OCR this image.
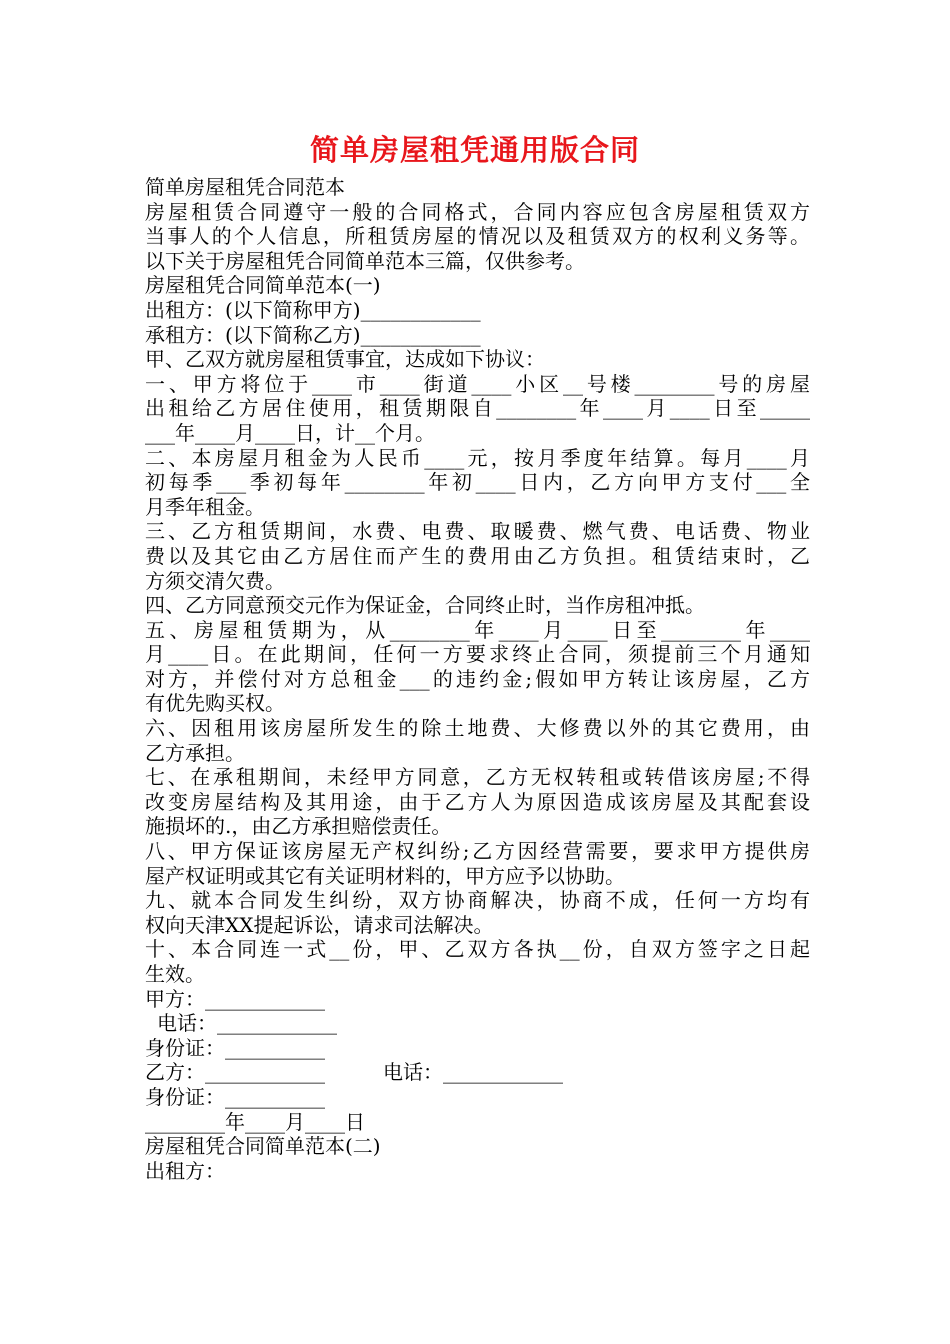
简单房屋租凭通用版合同
简单房屋租凭合同范本
房屋租赁合同遵守一般的合同格式，合同内容应包含房屋租赁双方
当事人的个人信息，所租赁房屋的情况以及租赁双方的权利义务等。
以下关于房屋租凭合同简单范本三篇，仅供参考。
房屋租凭合同简单范本(一)
出租方：(以下简称甲方)____________
承租方：(以下简称乙方)____________
甲、乙双方就房屋租赁事宜，达成如下协议：
一、甲方将位于____市____街道____小区__号楼________号的房屋
出租给乙方居住使用，租赁期限自________年____月____日至_____
___年____月____日，计__个月。
二、本房屋月租金为人民币____元，按月季度年结算。每月____月
初每季___季初每年________年初____日内，乙方向甲方支付___全
月季年租金。
三、乙方租赁期间，水费、电费、取暖费、燃气费、电话费、物业
费以及其它由乙方居住而产生的费用由乙方负担。租赁结束时，乙
方须交清欠费。
四、乙方同意预交元作为保证金，合同终止时，当作房租冲抵。
五、房屋租赁期为，从________年____月____日至________年____
月____日。在此期间，任何一方要求终止合同，须提前三个月通知
对方，并偿付对方总租金___的违约金;假如甲方转让该房屋，乙方
有优先购买权。
六、因租用该房屋所发生的除土地费、大修费以外的其它费用，由
乙方承担。
七、在承租期间，未经甲方同意，乙方无权转租或转借该房屋;不得
改变房屋结构及其用途，由于乙方人为原因造成该房屋及其配套设
施损坏的.，由乙方承担赔偿责任。
八、甲方保证该房屋无产权纠纷;乙方因经营需要，要求甲方提供房
屋产权证明或其它有关证明材料的，甲方应予以协助。
九、就本合同发生纠纷，双方协商解决，协商不成，任何一方均有
权向天津XX提起诉讼，请求司法解决。
十、本合同连一式__份，甲、乙双方各执__份，自双方签字之日起
生效。
甲方：____________
电话：____________
身份证：__________
乙方：____________	电话：____________
身份证：__________
________年____月____日
房屋租凭合同简单范本(二)
出租方：
